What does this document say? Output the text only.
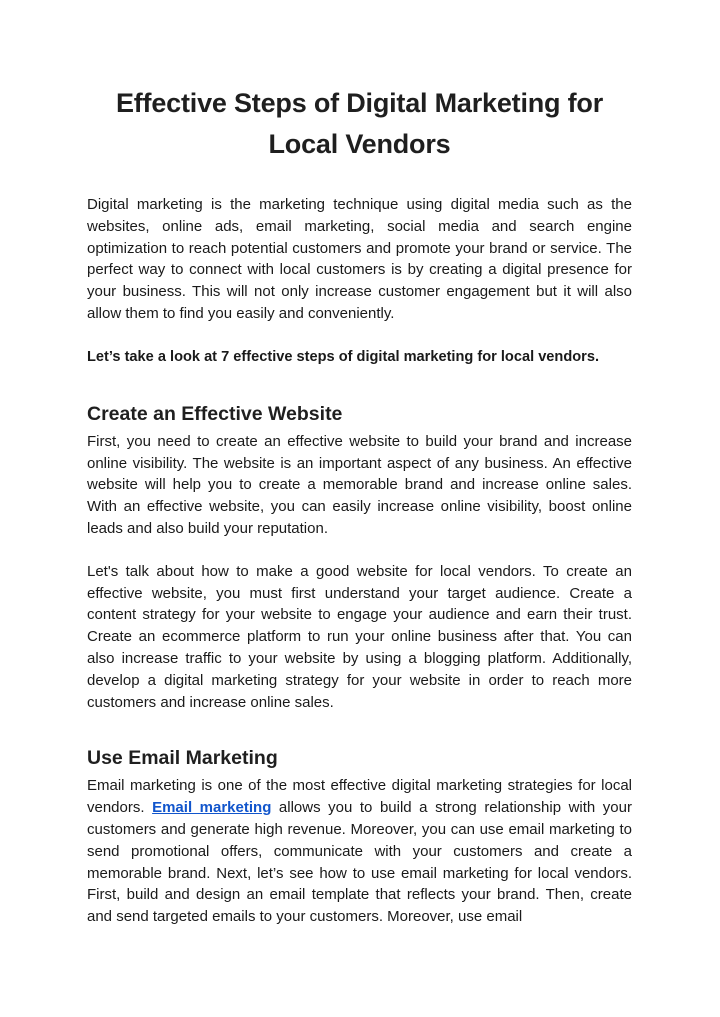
Effective Steps of Digital Marketing for
Local Vendors

Digital marketing is the marketing technique using digital media such as the websites, online ads, email marketing, social media and search engine optimization to reach potential customers and promote your brand or service. The perfect way to connect with local customers is by creating a digital presence for your business. This will not only increase customer engagement but it will also allow them to find you easily and conveniently.

Let’s take a look at 7 effective steps of digital marketing for local vendors.

Create an Effective Website

First, you need to create an effective website to build your brand and increase online visibility. The website is an important aspect of any business. An effective website will help you to create a memorable brand and increase online sales. With an effective website, you can easily increase online visibility, boost online leads and also build your reputation.

Let's talk about how to make a good website for local vendors. To create an effective website, you must first understand your target audience. Create a content strategy for your website to engage your audience and earn their trust. Create an ecommerce platform to run your online business after that. You can also increase traffic to your website by using a blogging platform. Additionally, develop a digital marketing strategy for your website in order to reach more customers and increase online sales.

Use Email Marketing

Email marketing is one of the most effective digital marketing strategies for local vendors. Email marketing allows you to build a strong relationship with your customers and generate high revenue. Moreover, you can use email marketing to send promotional offers, communicate with your customers and create a memorable brand. Next, let’s see how to use email marketing for local vendors. First, build and design an email template that reflects your brand. Then, create and send targeted emails to your customers. Moreover, use email
